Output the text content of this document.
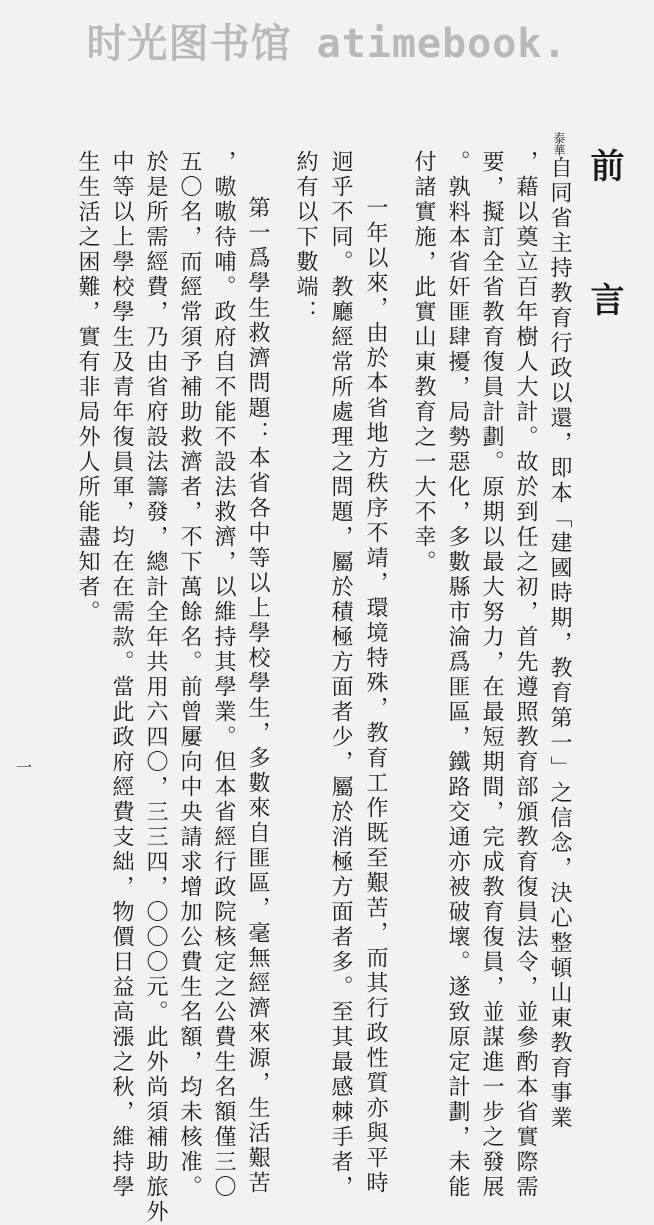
时光图书馆 atimebook.
前 言
泰華自同省主持教育行政以還，即本「建國時期，教育第一」之信念，決心整頓山東教育事業
，藉以奠立百年樹人大計。故於到任之初，首先遵照教育部頒教育復員法令，並參酌本省實際需
要，擬訂全省教育復員計劃。原期以最大努力，在最短期間，完成教育復員，並謀進一步之發展
。孰料本省奸匪肆擾，局勢惡化，多數縣市淪爲匪區，鐵路交通亦被破壞。遂致原定計劃，未能
付諸實施，此實山東教育之一大不幸。
一年以來，由於本省地方秩序不靖，環境特殊，教育工作既至艱苦，而其行政性質亦與平時
迥乎不同。教廳經常所處理之問題，屬於積極方面者少，屬於消極方面者多。至其最感棘手者，
約有以下數端：
第一爲學生救濟問題：本省各中等以上學校學生，多數來自匪區，毫無經濟來源，生活艱苦
，嗷嗷待哺。政府自不能不設法救濟，以維持其學業。但本省經行政院核定之公費生名額僅三〇
五〇名，而經常須予補助救濟者，不下萬餘名。前曾屢向中央請求增加公費生名額，均未核准。
於是所需經費，乃由省府設法籌發，總計全年共用六四〇，三三四，〇〇〇元。此外尚須補助旅外
中等以上學校學生及青年復員軍，均在在需款。當此政府經費支絀，物價日益高漲之秋，維持學
生生活之困難，實有非局外人所能盡知者。
一
